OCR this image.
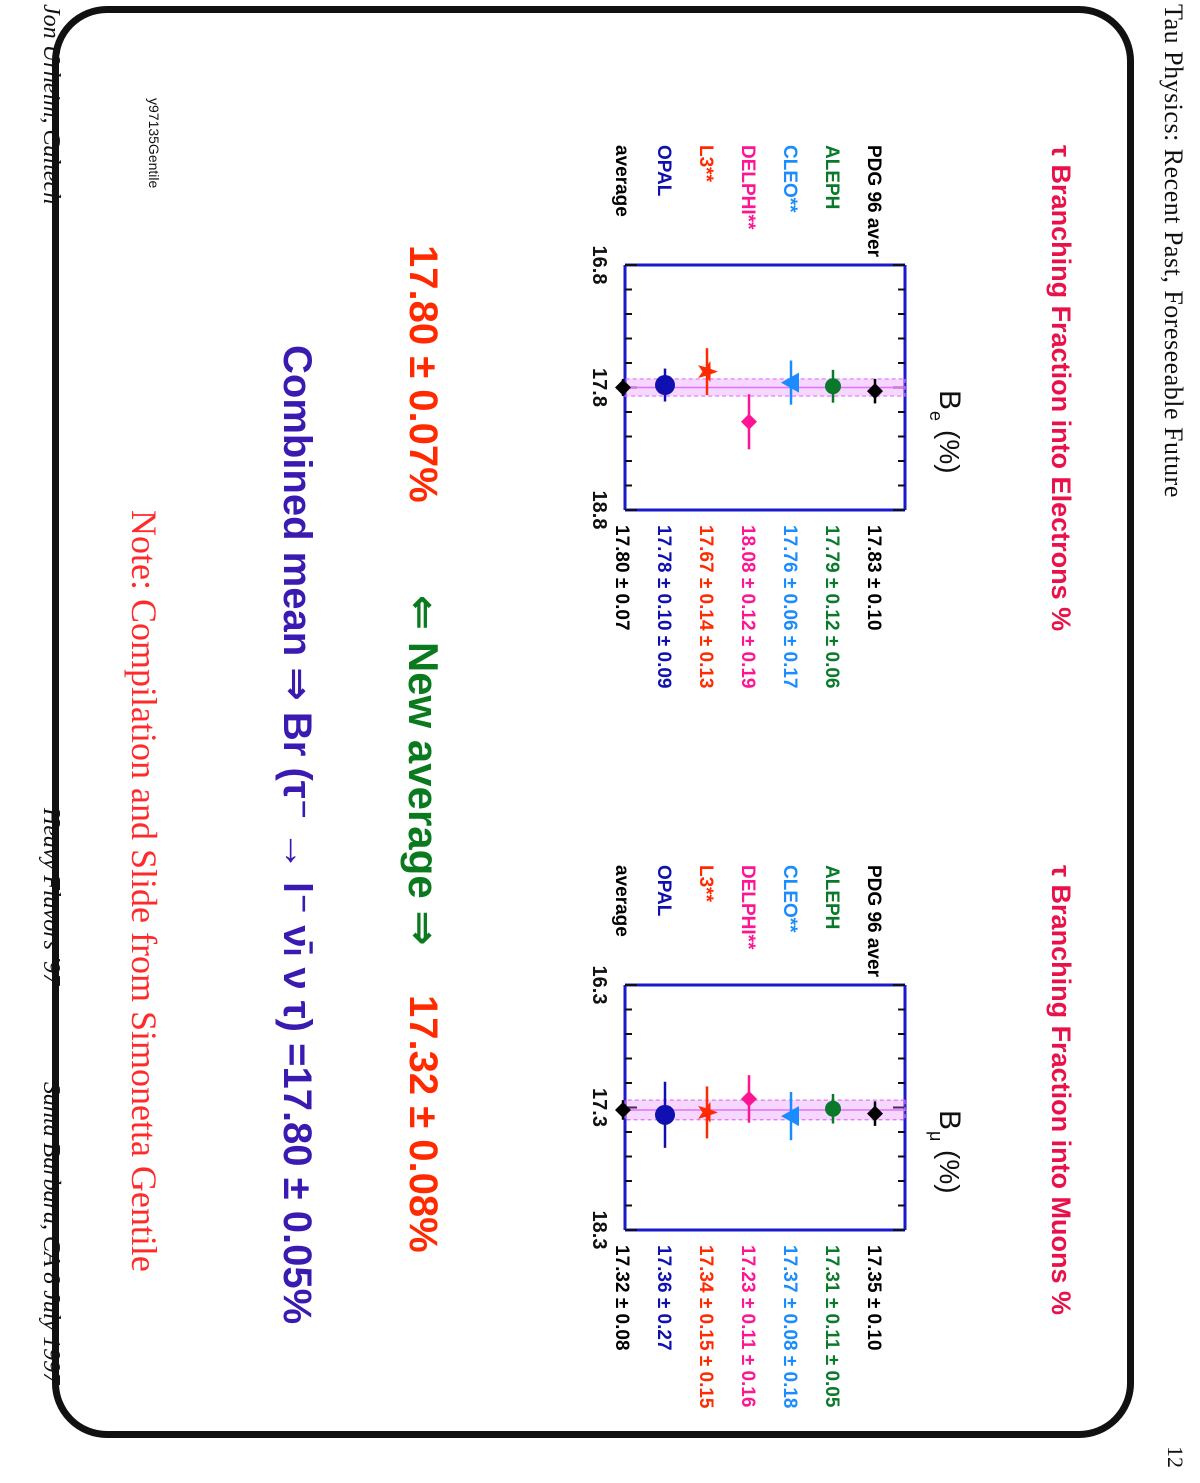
Tau Physics: Recent Past, Foreseeable Future
12
Jon Urheim, Caltech
Heavy Flavors '97
Santa Barbara, CA 8 July 1997
y97135Gentile
τ Branching Fraction into Electrons %
B
e
(%)
16.8
17.8
18.8
PDG 96 aver
17.83 ± 0.10
ALEPH
17.79 ± 0.12 ± 0.06
CLEO**
17.76 ± 0.06 ± 0.17
DELPHI**
18.08 ± 0.12 ± 0.19
L3**
17.67 ± 0.14 ± 0.13
OPAL
17.78 ± 0.10 ± 0.09
average
17.80 ± 0.07
τ Branching Fraction into Muons %
B
μ
(%)
16.3
17.3
18.3
PDG 96 aver
17.35 ± 0.10
ALEPH
17.31 ± 0.11 ± 0.05
CLEO**
17.37 ± 0.08 ± 0.18
DELPHI**
17.23 ± 0.11 ± 0.16
L3**
17.34 ± 0.15 ± 0.15
OPAL
17.36 ± 0.27
average
17.32 ± 0.08
17.80 ± 0.07%
⇐ New average ⇒
17.32 ± 0.08%
Combined mean ⇒ Br (τ⁻ → l⁻ ν̄ₗ ν τ) =17.80 ± 0.05%
Note: Compilation and Slide from Simonetta Gentile
